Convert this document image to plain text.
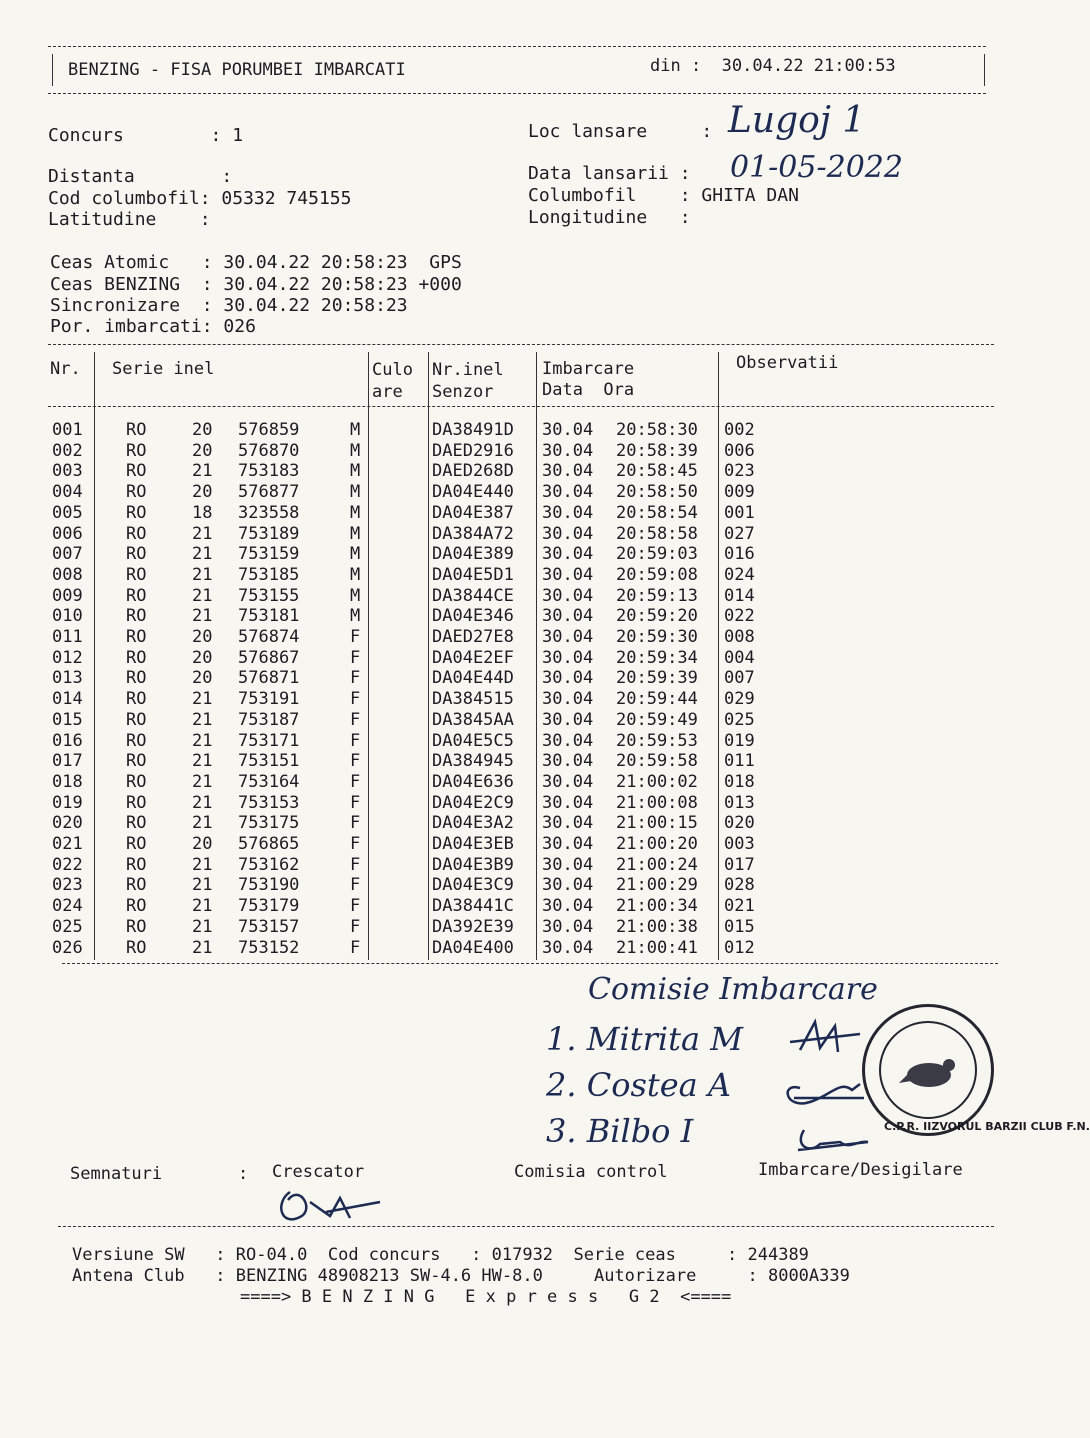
BENZING - FISA PORUMBEI IMBARCATI	din : 30.04.22 21:00:53
Concurs        : 1	Loc lansare     : Lugoj 1
Distanta        :	Data lansarii : 01-05-2022
Cod columbofil: 05332 745155	Columbofil    : GHITA DAN
Latitudine    :	Longitudine   :
Ceas Atomic   : 30.04.22 20:58:23  GPS
Ceas BENZING  : 30.04.22 20:58:23 +000
Sincronizare  : 30.04.22 20:58:23
Por. imbarcati: 026
Nr. Serie inel	Culo
are
Nr.inel
Senzor
Imbarcare
Data  Ora
Observatii
001	RO	20 576859	M	DA38491D 30.04 20:58:30 002
002	RO	20 576870	M	DAED2916 30.04 20:58:39 006
003	RO	21 753183	M	DAED268D 30.04 20:58:45 023
004	RO	20 576877	M	DA04E440 30.04 20:58:50 009
005	RO	18 323558	M	DA04E387 30.04 20:58:54 001
006	RO	21 753189	M	DA384A72 30.04 20:58:58 027
007	RO	21 753159	M	DA04E389 30.04 20:59:03 016
008	RO	21 753185	M	DA04E5D1 30.04 20:59:08 024
009	RO	21 753155	M	DA3844CE 30.04 20:59:13 014
010	RO	21 753181	M	DA04E346 30.04 20:59:20 022
011	RO	20 576874	F	DAED27E8 30.04 20:59:30 008
012	RO	20 576867	F	DA04E2EF 30.04 20:59:34 004
013	RO	20 576871	F	DA04E44D 30.04 20:59:39 007
014	RO	21 753191	F	DA384515 30.04 20:59:44 029
015	RO	21 753187	F	DA3845AA 30.04 20:59:49 025
016	RO	21 753171	F	DA04E5C5 30.04 20:59:53 019
017	RO	21 753151	F	DA384945 30.04 20:59:58 011
018	RO	21 753164	F	DA04E636 30.04 21:00:02 018
019	RO	21 753153	F	DA04E2C9 30.04 21:00:08 013
020	RO	21 753175	F	DA04E3A2 30.04 21:00:15 020
021	RO	20 576865	F	DA04E3EB 30.04 21:00:20 003
022	RO	21 753162	F	DA04E3B9 30.04 21:00:24 017
023	RO	21 753190	F	DA04E3C9 30.04 21:00:29 028
024	RO	21 753179	F	DA38441C 30.04 21:00:34 021
025	RO	21 753157	F	DA392E39 30.04 21:00:38 015
026	RO	21 753152	F	DA04E400 30.04 21:00:41 012
Comisie Imbarcare
1. Mitrita M
2. Costea A
3. Bilbo I	C.P.R. IIZVORUL BARZII CLUB F.N.
Semnaturi	: Crescator	Comisia control	Imbarcare/Desigilare
Versiune SW   : RO-04.0  Cod concurs   : 017932  Serie ceas     : 244389
Antena Club   : BENZING 48908213 SW-4.6 HW-8.0     Autorizare     : 8000A339
====> B E N Z I N G   E x p r e s s   G 2  <====
